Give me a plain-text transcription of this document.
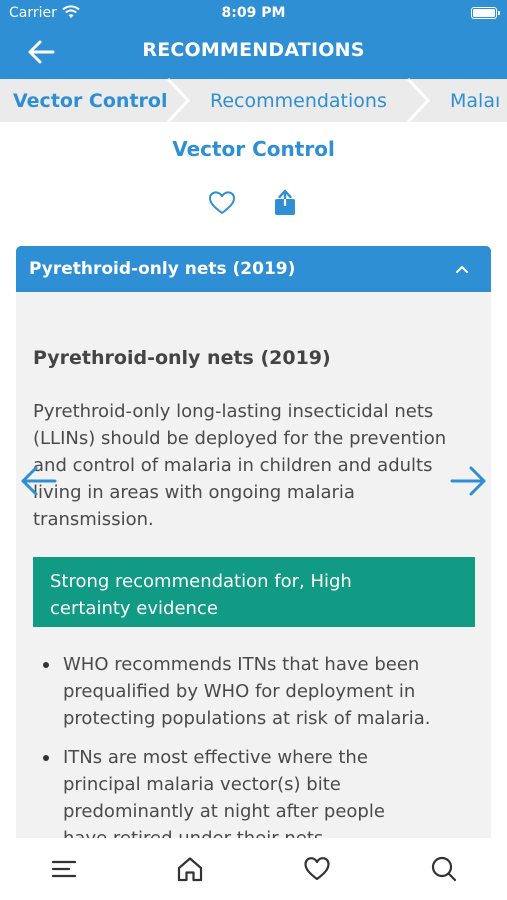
Carrier	8:09 PM
RECOMMENDATIONS
Vector Control Recommendations	Malaı
Vector Control
Pyrethroid-only nets (2019)
Pyrethroid-only nets (2019)
Pyrethroid-only long-lasting insecticidal nets
(LLINs) should be deployed for the prevention
and control of malaria in children and adults
living in areas with ongoing malaria
transmission.
Strong recommendation for, High
certainty evidence
WHO recommends ITNs that have been
prequalified by WHO for deployment in
protecting populations at risk of malaria.
ITNs are most effective where the
principal malaria vector(s) bite
predominantly at night after people
